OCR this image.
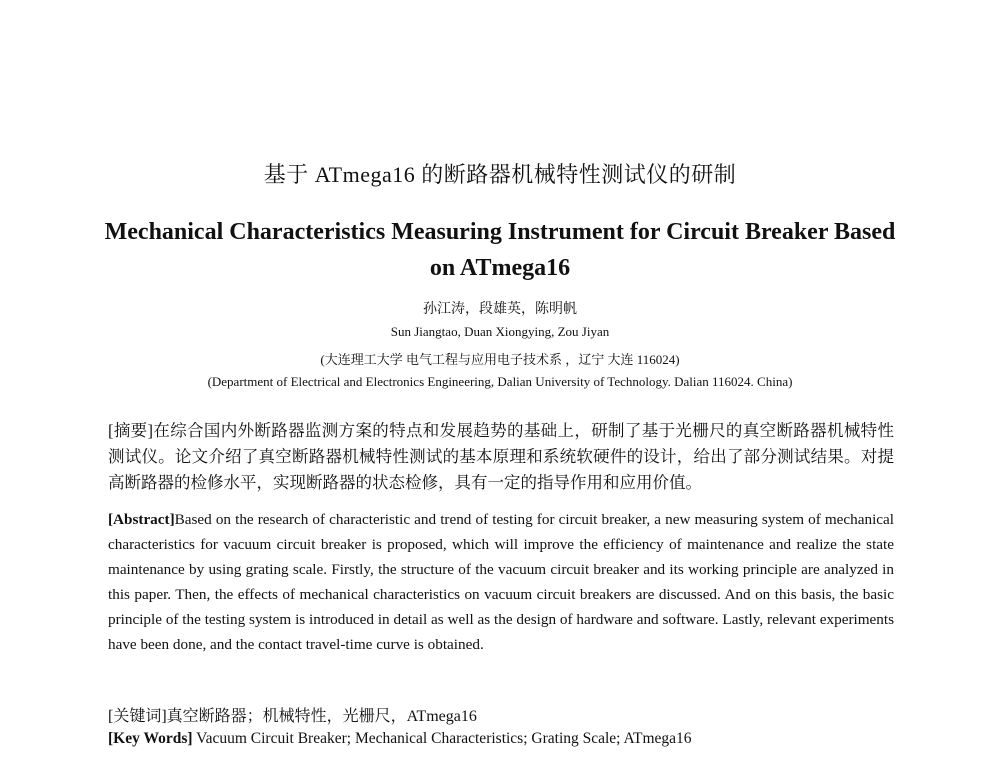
基于 ATmega16 的断路器机械特性测试仪的研制
Mechanical Characteristics Measuring Instrument for Circuit Breaker Based on ATmega16
孙江涛，段雄英，陈明帆
Sun Jiangtao, Duan Xiongying, Zou Jiyan
(大连理工大学 电气工程与应用电子技术系 ，辽宁 大连 116024)
(Department of Electrical and Electronics Engineering, Dalian University of Technology. Dalian 116024. China)
[摘要]在综合国内外断路器监测方案的特点和发展趋势的基础上，研制了基于光栅尺的真空断路器机械特性测试仪。论文介绍了真空断路器机械特性测试的基本原理和系统软硬件的设计，给出了部分测试结果。对提高断路器的检修水平，实现断路器的状态检修，具有一定的指导作用和应用价值。
[Abstract]Based on the research of characteristic and trend of testing for circuit breaker, a new measuring system of mechanical characteristics for vacuum circuit breaker is proposed, which will improve the efficiency of maintenance and realize the state maintenance by using grating scale. Firstly, the structure of the vacuum circuit breaker and its working principle are analyzed in this paper. Then, the effects of mechanical characteristics on vacuum circuit breakers are discussed. And on this basis, the basic principle of the testing system is introduced in detail as well as the design of hardware and software. Lastly, relevant experiments have been done, and the contact travel-time curve is obtained.
[关键词]真空断路器；机械特性，光栅尺，ATmega16
[Key Words] Vacuum Circuit Breaker; Mechanical Characteristics; Grating Scale; ATmega16
